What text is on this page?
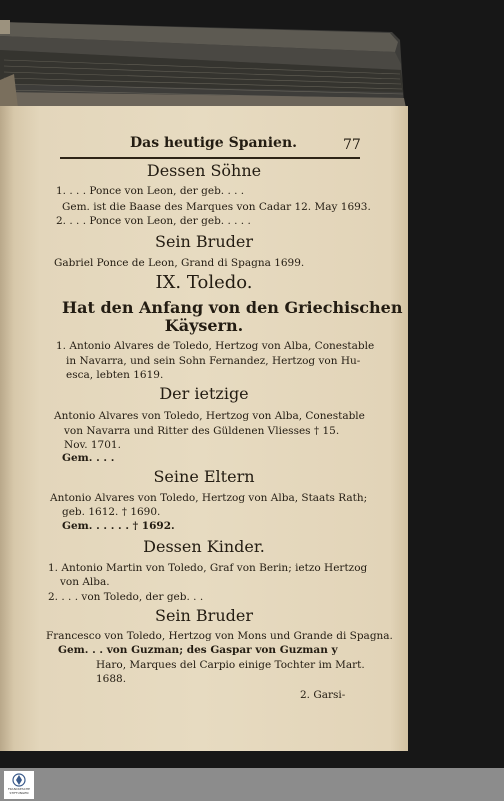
Das heutige Spanien.	77
Dessen Söhne
1. . . . Ponce von Leon, der geb. . . .
Gem. ist die Baase des Marques von Cadar 12. May 1693.
2. . . . Ponce von Leon, der geb. . . . .
Sein Bruder
Gabriel Ponce de Leon, Grand di Spagna 1699.
IX. Toledo.
Hat den Anfang von den Griechischen
Käysern.
1. Antonio Alvares de Toledo, Hertzog von Alba, Conestable
in Navarra, und sein Sohn Fernandez, Hertzog von Hu-
esca, lebten 1619.
Der ietzige
Antonio Alvares von Toledo, Hertzog von Alba, Conestable
von Navarra und Ritter des Güldenen Vliesses † 15.
Nov. 1701.
Gem. . . .
Seine Eltern
Antonio Alvares von Toledo, Hertzog von Alba, Staats Rath;
geb. 1612. † 1690.
Gem. . . . . . † 1692.
Dessen Kinder.
1. Antonio Martin von Toledo, Graf von Berin; ietzo Hertzog
von Alba.
2. . . . von Toledo, der geb. . .
Sein Bruder
Francesco von Toledo, Hertzog von Mons und Grande di Spagna.
Gem. . . von Guzman; des Gaspar von Guzman y
Haro, Marques del Carpio einige Tochter im Mart.
1688.
2. Garsi-
FRANCKESCHE
STIFTUNGEN
